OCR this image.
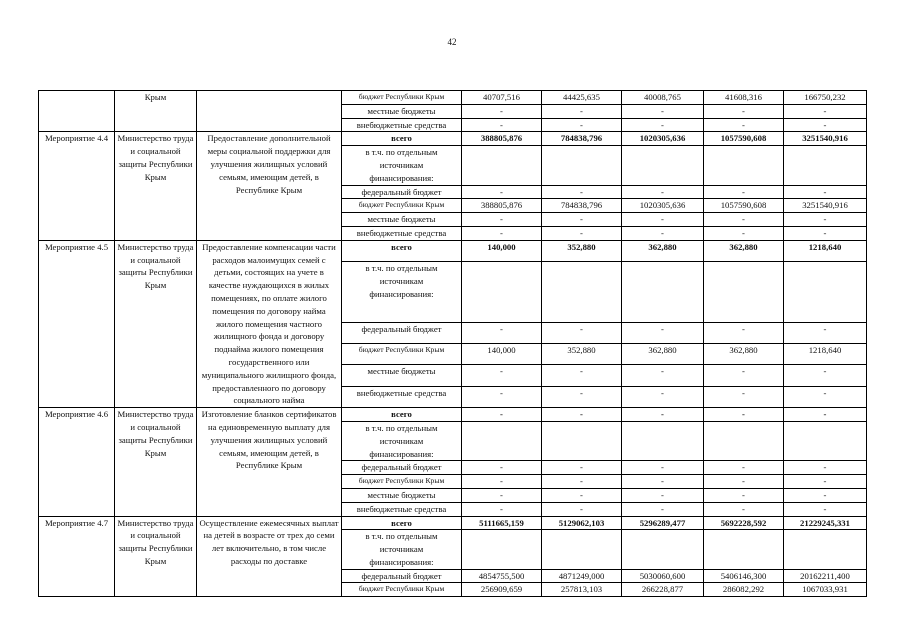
42
	Крым		бюджет Республики Крым	40707,516	44425,635	40008,765	41608,316	166750,232
			местные бюджеты	-	-	-	-	-
			внебюджетные средства	-	-	-	-	-
Мероприятие 4.4	Министерство труда и социальной защиты Республики Крым	Предоставление дополнительной меры социальной поддержки для улучшения жилищных условий семьям, имеющим детей, в Республике Крым	всего	388805,876	784838,796	1020305,636	1057590,608	3251540,916
			в т.ч. по отдельным источникам финансирования:					
			федеральный бюджет	-	-	-	-	-
			бюджет Республики Крым	388805,876	784838,796	1020305,636	1057590,608	3251540,916
			местные бюджеты	-	-	-	-	-
			внебюджетные средства	-	-	-	-	-
Мероприятие 4.5	Министерство труда и социальной защиты Республики Крым	Предоставление компенсации части расходов малоимущих семей с детьми, состоящих на учете в качестве нуждающихся в жилых помещениях, по оплате жилого помещения по договору найма жилого помещения частного жилищного фонда и договору поднайма жилого помещения государственного или муниципального жилищного фонда, предоставленного по договору социального найма	всего	140,000	352,880	362,880	362,880	1218,640
			в т.ч. по отдельным источникам финансирования:					
			федеральный бюджет	-	-	-	-	-
			бюджет Республики Крым	140,000	352,880	362,880	362,880	1218,640
			местные бюджеты	-	-	-	-	-
			внебюджетные средства	-	-	-	-	-
Мероприятие 4.6	Министерство труда и социальной защиты Республики Крым	Изготовление бланков сертификатов на единовременную выплату для улучшения жилищных условий семьям, имеющим детей, в Республике Крым	всего	-	-	-	-	-
			в т.ч. по отдельным источникам финансирования:					
			федеральный бюджет	-	-	-	-	-
			бюджет Республики Крым	-	-	-	-	-
			местные бюджеты	-	-	-	-	-
			внебюджетные средства	-	-	-	-	-
Мероприятие 4.7	Министерство труда и социальной защиты Республики Крым	Осуществление ежемесячных выплат на детей в возрасте от трех до семи лет включительно, в том числе расходы по доставке	всего	5111665,159	5129062,103	5296289,477	5692228,592	21229245,331
			в т.ч. по отдельным источникам финансирования:					
			федеральный бюджет	4854755,500	4871249,000	5030060,600	5406146,300	20162211,400
			бюджет Республики Крым	256909,659	257813,103	266228,877	286082,292	1067033,931
